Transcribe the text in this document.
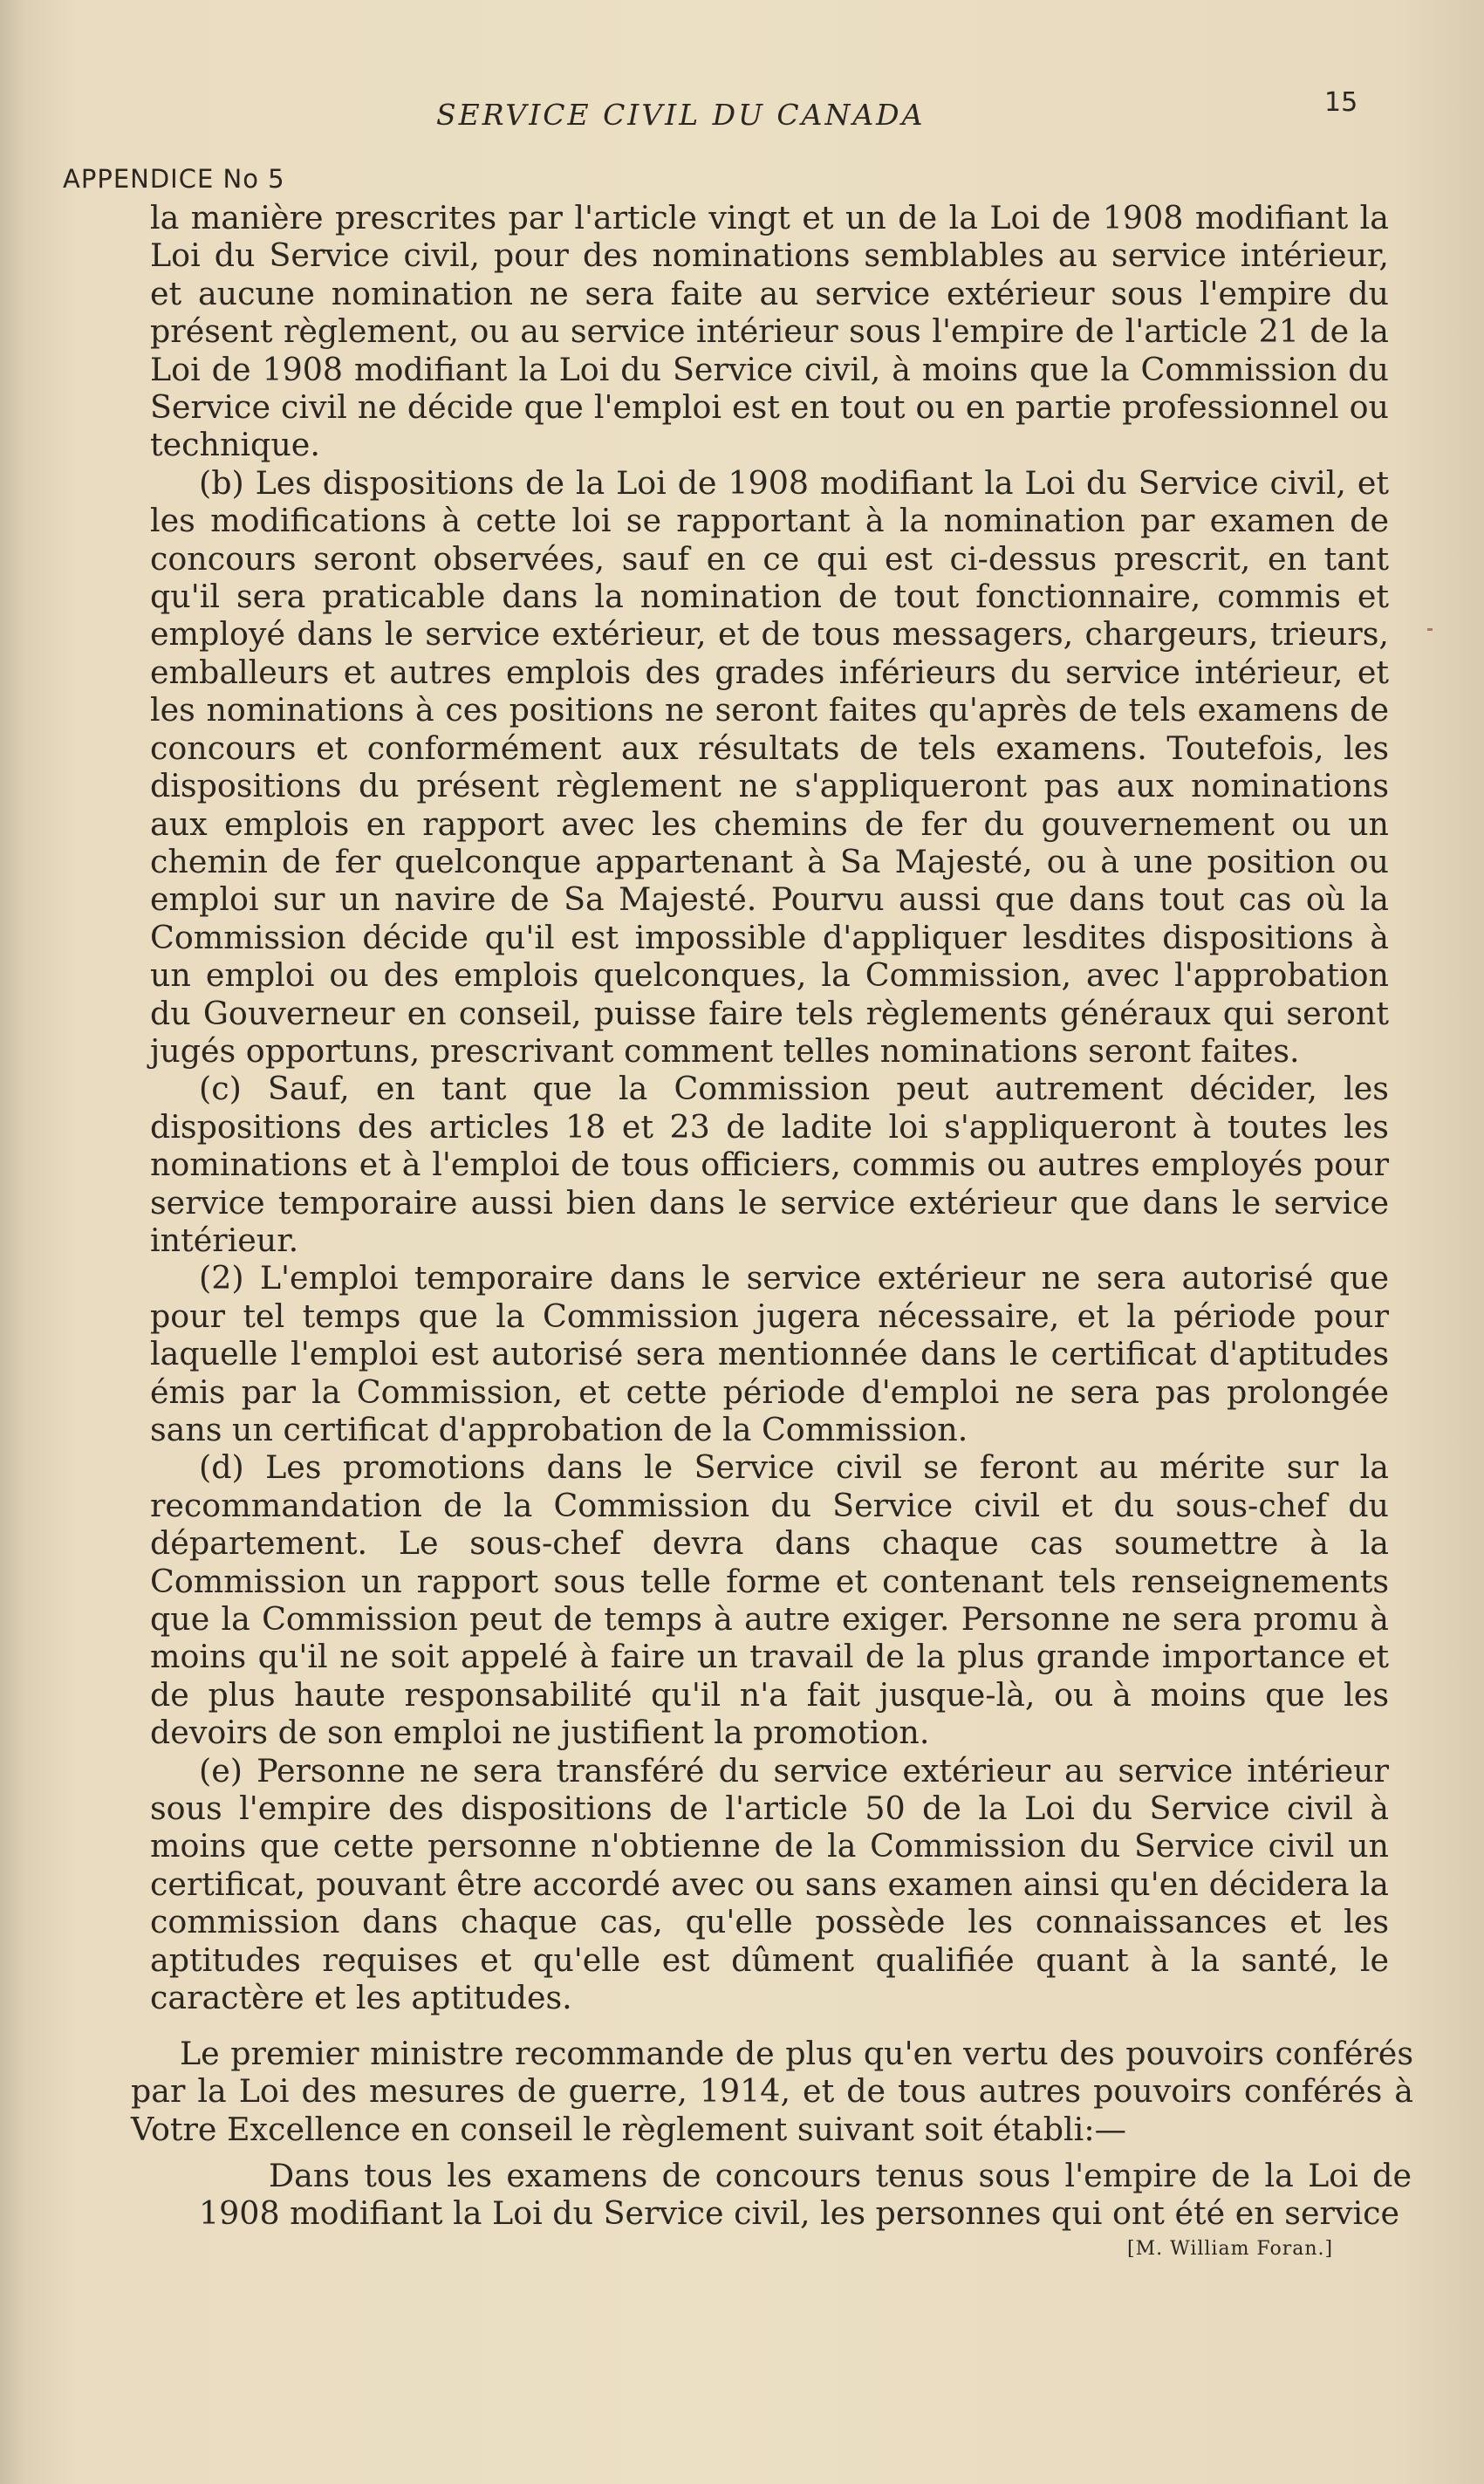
SERVICE CIVIL DU CANADA	15
APPENDICE No 5

la manière prescrites par l'article vingt et un de la Loi de 1908 modifiant la Loi du Service civil, pour des nominations semblables au service intérieur, et aucune nomination ne sera faite au service extérieur sous l'empire du présent règlement, ou au service intérieur sous l'empire de l'article 21 de la Loi de 1908 modifiant la Loi du Service civil, à moins que la Commission du Service civil ne décide que l'emploi est en tout ou en partie professionnel ou technique.

(b) Les dispositions de la Loi de 1908 modifiant la Loi du Service civil, et les modifications à cette loi se rapportant à la nomination par examen de concours seront observées, sauf en ce qui est ci-dessus prescrit, en tant qu'il sera praticable dans la nomination de tout fonctionnaire, commis et employé dans le service extérieur, et de tous messagers, chargeurs, trieurs, emballeurs et autres emplois des grades inférieurs du service intérieur, et les nominations à ces positions ne seront faites qu'après de tels examens de concours et conformément aux résultats de tels examens. Toutefois, les dispositions du présent règlement ne s'appliqueront pas aux nominations aux emplois en rapport avec les chemins de fer du gouvernement ou un chemin de fer quelconque appartenant à Sa Majesté, ou à une position ou emploi sur un navire de Sa Majesté. Pourvu aussi que dans tout cas où la Commission décide qu'il est impossible d'appliquer lesdites dispositions à un emploi ou des emplois quelconques, la Commission, avec l'approbation du Gouverneur en conseil, puisse faire tels règlements généraux qui seront jugés opportuns, prescrivant comment telles nominations seront faites.

(c) Sauf, en tant que la Commission peut autrement décider, les dispositions des articles 18 et 23 de ladite loi s'appliqueront à toutes les nominations et à l'emploi de tous officiers, commis ou autres employés pour service temporaire aussi bien dans le service extérieur que dans le service intérieur.

(2) L'emploi temporaire dans le service extérieur ne sera autorisé que pour tel temps que la Commission jugera nécessaire, et la période pour laquelle l'emploi est autorisé sera mentionnée dans le certificat d'aptitudes émis par la Commission, et cette période d'emploi ne sera pas prolongée sans un certificat d'approbation de la Commission.

(d) Les promotions dans le Service civil se feront au mérite sur la recommandation de la Commission du Service civil et du sous-chef du département. Le sous-chef devra dans chaque cas soumettre à la Commission un rapport sous telle forme et contenant tels renseignements que la Commission peut de temps à autre exiger. Personne ne sera promu à moins qu'il ne soit appelé à faire un travail de la plus grande importance et de plus haute responsabilité qu'il n'a fait jusque-là, ou à moins que les devoirs de son emploi ne justifient la promotion.

(e) Personne ne sera transféré du service extérieur au service intérieur sous l'empire des dispositions de l'article 50 de la Loi du Service civil à moins que cette personne n'obtienne de la Commission du Service civil un certificat, pouvant être accordé avec ou sans examen ainsi qu'en décidera la commission dans chaque cas, qu'elle possède les connaissances et les aptitudes requises et qu'elle est dûment qualifiée quant à la santé, le caractère et les aptitudes.

Le premier ministre recommande de plus qu'en vertu des pouvoirs conférés par la Loi des mesures de guerre, 1914, et de tous autres pouvoirs conférés à Votre Excellence en conseil le règlement suivant soit établi:—

Dans tous les examens de concours tenus sous l'empire de la Loi de 1908 modifiant la Loi du Service civil, les personnes qui ont été en service

[M. William Foran.]
